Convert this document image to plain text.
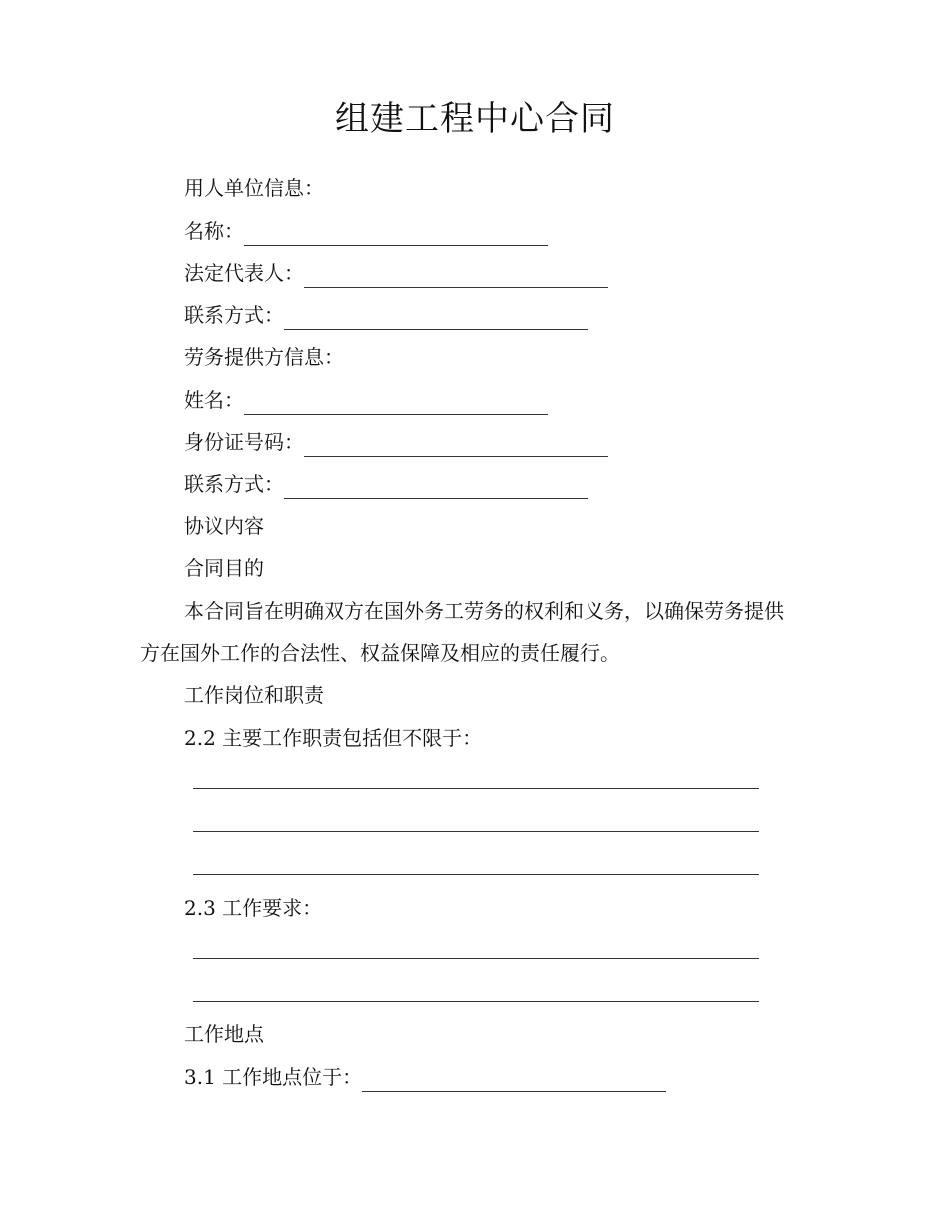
组建工程中心合同
用人单位信息：
名称：
法定代表人：
联系方式：
劳务提供方信息：
姓名：
身份证号码：
联系方式：
协议内容
合同目的
本合同旨在明确双方在国外务工劳务的权利和义务，以确保劳务提供方在国外工作的合法性、权益保障及相应的责任履行。
工作岗位和职责
2.2 主要工作职责包括但不限于：
2.3 工作要求：
工作地点
3.1 工作地点位于：
